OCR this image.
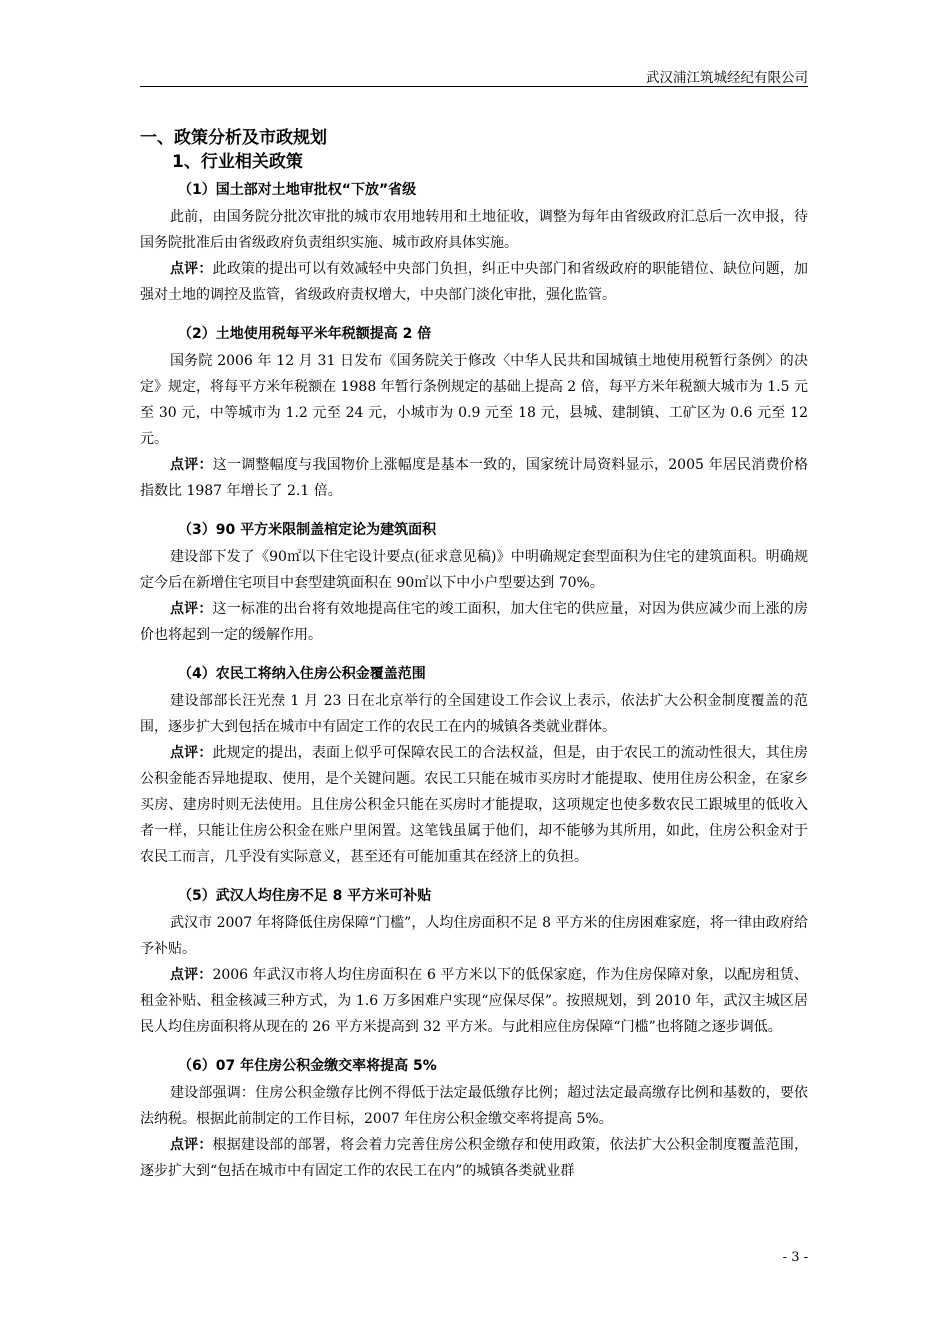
武汉浦江筑城经纪有限公司
一、政策分析及市政规划
1、行业相关政策
（1）国土部对土地审批权“下放”省级

此前，由国务院分批次审批的城市农用地转用和土地征收，调整为每年由省级政府汇总后一次申报，待国务院批准后由省级政府负责组织实施、城市政府具体实施。

点评：此政策的提出可以有效减轻中央部门负担，纠正中央部门和省级政府的职能错位、缺位问题，加强对土地的调控及监管，省级政府责权增大，中央部门淡化审批，强化监管。

（2）土地使用税每平米年税额提高 2 倍

国务院 2006 年 12 月 31 日发布《国务院关于修改〈中华人民共和国城镇土地使用税暂行条例〉的决定》规定，将每平方米年税额在 1988 年暂行条例规定的基础上提高 2 倍，每平方米年税额大城市为 1.5 元至 30 元，中等城市为 1.2 元至 24 元，小城市为 0.9 元至 18 元，县城、建制镇、工矿区为 0.6 元至 12 元。

点评：这一调整幅度与我国物价上涨幅度是基本一致的，国家统计局资料显示，2005 年居民消费价格指数比 1987 年增长了 2.1 倍。

（3）90 平方米限制盖棺定论为建筑面积

建设部下发了《90㎡以下住宅设计要点(征求意见稿)》中明确规定套型面积为住宅的建筑面积。明确规定今后在新增住宅项目中套型建筑面积在 90㎡以下中小户型要达到 70%。

点评：这一标准的出台将有效地提高住宅的竣工面积，加大住宅的供应量，对因为供应减少而上涨的房价也将起到一定的缓解作用。

（4）农民工将纳入住房公积金覆盖范围

建设部部长汪光焘 1 月 23 日在北京举行的全国建设工作会议上表示，依法扩大公积金制度覆盖的范围，逐步扩大到包括在城市中有固定工作的农民工在内的城镇各类就业群体。

点评：此规定的提出，表面上似乎可保障农民工的合法权益，但是，由于农民工的流动性很大，其住房公积金能否异地提取、使用，是个关键问题。农民工只能在城市买房时才能提取、使用住房公积金，在家乡买房、建房时则无法使用。且住房公积金只能在买房时才能提取，这项规定也使多数农民工跟城里的低收入者一样，只能让住房公积金在账户里闲置。这笔钱虽属于他们，却不能够为其所用，如此，住房公积金对于农民工而言，几乎没有实际意义，甚至还有可能加重其在经济上的负担。

（5）武汉人均住房不足 8 平方米可补贴

武汉市 2007 年将降低住房保障“门槛”，人均住房面积不足 8 平方米的住房困难家庭，将一律由政府给予补贴。

点评：2006 年武汉市将人均住房面积在 6 平方米以下的低保家庭，作为住房保障对象，以配房租赁、租金补贴、租金核减三种方式，为 1.6 万多困难户实现“应保尽保”。按照规划，到 2010 年，武汉主城区居民人均住房面积将从现在的 26 平方米提高到 32 平方米。与此相应住房保障“门槛”也将随之逐步调低。

（6）07 年住房公积金缴交率将提高 5%

建设部强调：住房公积金缴存比例不得低于法定最低缴存比例；超过法定最高缴存比例和基数的，要依法纳税。根据此前制定的工作目标，2007 年住房公积金缴交率将提高 5%。

点评：根据建设部的部署，将会着力完善住房公积金缴存和使用政策，依法扩大公积金制度覆盖范围，逐步扩大到“包括在城市中有固定工作的农民工在内”的城镇各类就业群

- 3 -
